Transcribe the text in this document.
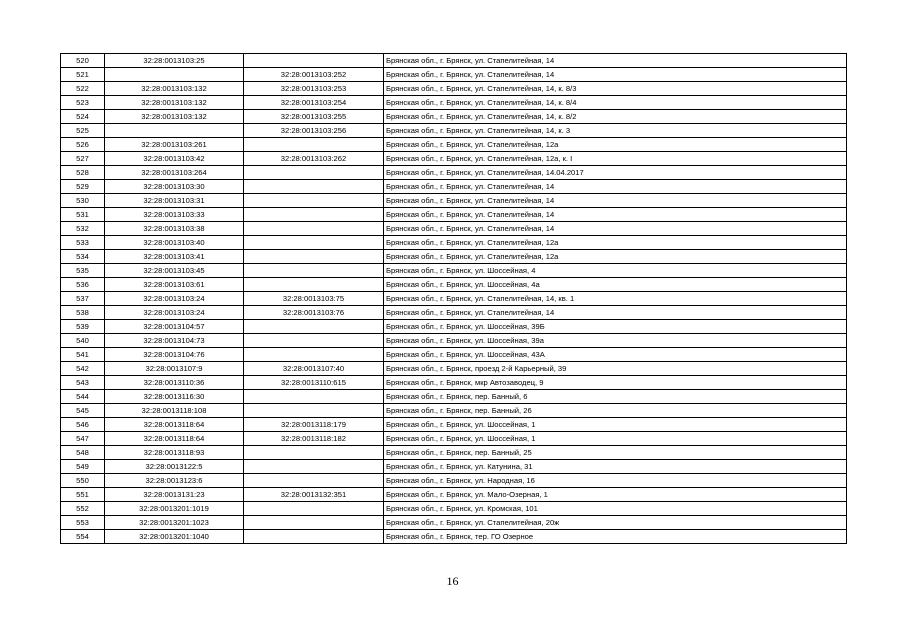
520	32:28:0013103:25		Брянская обл., г. Брянск, ул. Стапелитейная, 14
521		32:28:0013103:252	Брянская обл., г. Брянск, ул. Стапелитейная, 14
522	32:28:0013103:132	32:28:0013103:253	Брянская обл., г. Брянск, ул. Стапелитейная, 14, к. 8/3
523	32:28:0013103:132	32:28:0013103:254	Брянская обл., г. Брянск, ул. Стапелитейная, 14, к. 8/4
524	32:28:0013103:132	32:28:0013103:255	Брянская обл., г. Брянск, ул. Стапелитейная, 14, к. 8/2
525		32:28:0013103:256	Брянская обл., г. Брянск, ул. Стапелитейная, 14, к. 3
526	32:28:0013103:261		Брянская обл., г. Брянск, ул. Стапелитейная, 12а
527	32:28:0013103:42	32:28:0013103:262	Брянская обл., г. Брянск, ул. Стапелитейная, 12а, к. I
528	32:28:0013103:264		Брянская обл., г. Брянск, ул. Стапелитейная, 14.04.2017
529	32:28:0013103:30		Брянская обл., г. Брянск, ул. Стапелитейная, 14
530	32:28:0013103:31		Брянская обл., г. Брянск, ул. Стапелитейная, 14
531	32:28:0013103:33		Брянская обл., г. Брянск, ул. Стапелитейная, 14
532	32:28:0013103:38		Брянская обл., г. Брянск, ул. Стапелитейная, 14
533	32:28:0013103:40		Брянская обл., г. Брянск, ул. Стапелитейная, 12а
534	32:28:0013103:41		Брянская обл., г. Брянск, ул. Стапелитейная, 12а
535	32:28:0013103:45		Брянская обл., г. Брянск, ул. Шоссейная, 4
536	32:28:0013103:61		Брянская обл., г. Брянск, ул. Шоссейная, 4а
537	32:28:0013103:24	32:28:0013103:75	Брянская обл., г. Брянск, ул. Стапелитейная, 14, кв. 1
538	32:28:0013103:24	32:28:0013103:76	Брянская обл., г. Брянск, ул. Стапелитейная, 14
539	32:28:0013104:57		Брянская обл., г. Брянск, ул. Шоссейная, 39Б
540	32:28:0013104:73		Брянская обл., г. Брянск, ул. Шоссейная, 39а
541	32:28:0013104:76		Брянская обл., г. Брянск, ул. Шоссейная, 43А
542	32:28:0013107:9	32:28:0013107:40	Брянская обл., г. Брянск, проезд 2-й Карьерный, 39
543	32:28:0013110:36	32:28:0013110:615	Брянская обл., г. Брянск, мкр Автозаводец, 9
544	32:28:0013116:30		Брянская обл., г. Брянск, пер. Банный, 6
545	32:28:0013118:108		Брянская обл., г. Брянск, пер. Банный, 26
546	32:28:0013118:64	32:28:0013118:179	Брянская обл., г. Брянск, ул. Шоссейная, 1
547	32:28:0013118:64	32:28:0013118:182	Брянская обл., г. Брянск, ул. Шоссейная, 1
548	32:28:0013118:93		Брянская обл., г. Брянск, пер. Банный, 25
549	32:28:0013122:5		Брянская обл., г. Брянск, ул. Катунина, 31
550	32:28:0013123:6		Брянская обл., г. Брянск, ул. Народная, 16
551	32:28:0013131:23	32:28:0013132:351	Брянская обл., г. Брянск, ул. Мало-Озерная, 1
552	32:28:0013201:1019		Брянская обл., г. Брянск, ул. Кромская, 101
553	32:28:0013201:1023		Брянская обл., г. Брянск, ул. Стапелитейная, 20ж
554	32:28:0013201:1040		Брянская обл., г. Брянск, тер. ГО Озерное
16
